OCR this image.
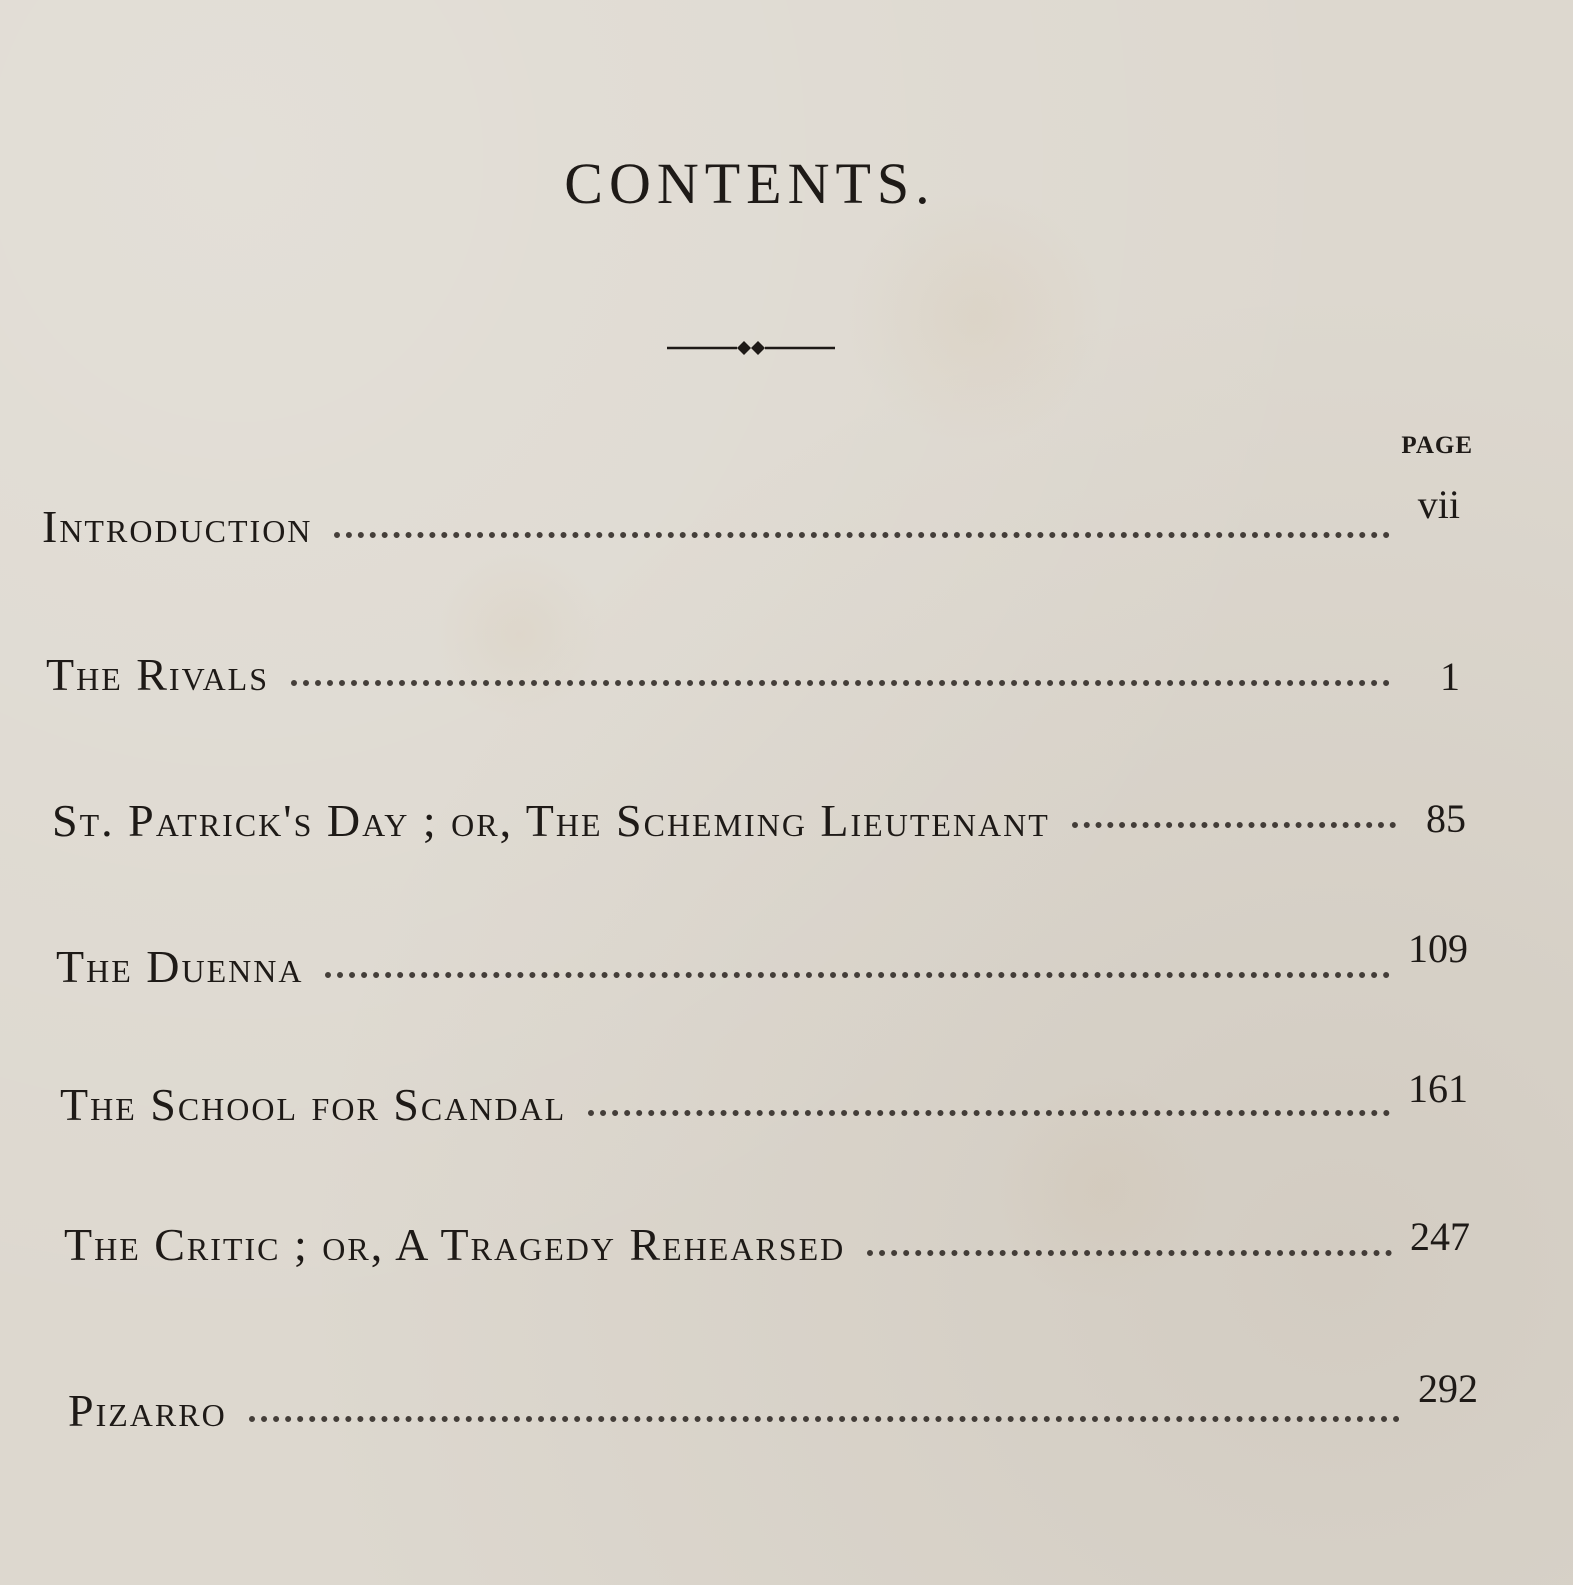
CONTENTS.
PAGE
Introduction	vii
The Rivals	1
St. Patrick's Day ; or, The Scheming Lieutenant	85
The Duenna	109
The School for Scandal	161
The Critic ; or, A Tragedy Rehearsed	247
Pizarro	292
